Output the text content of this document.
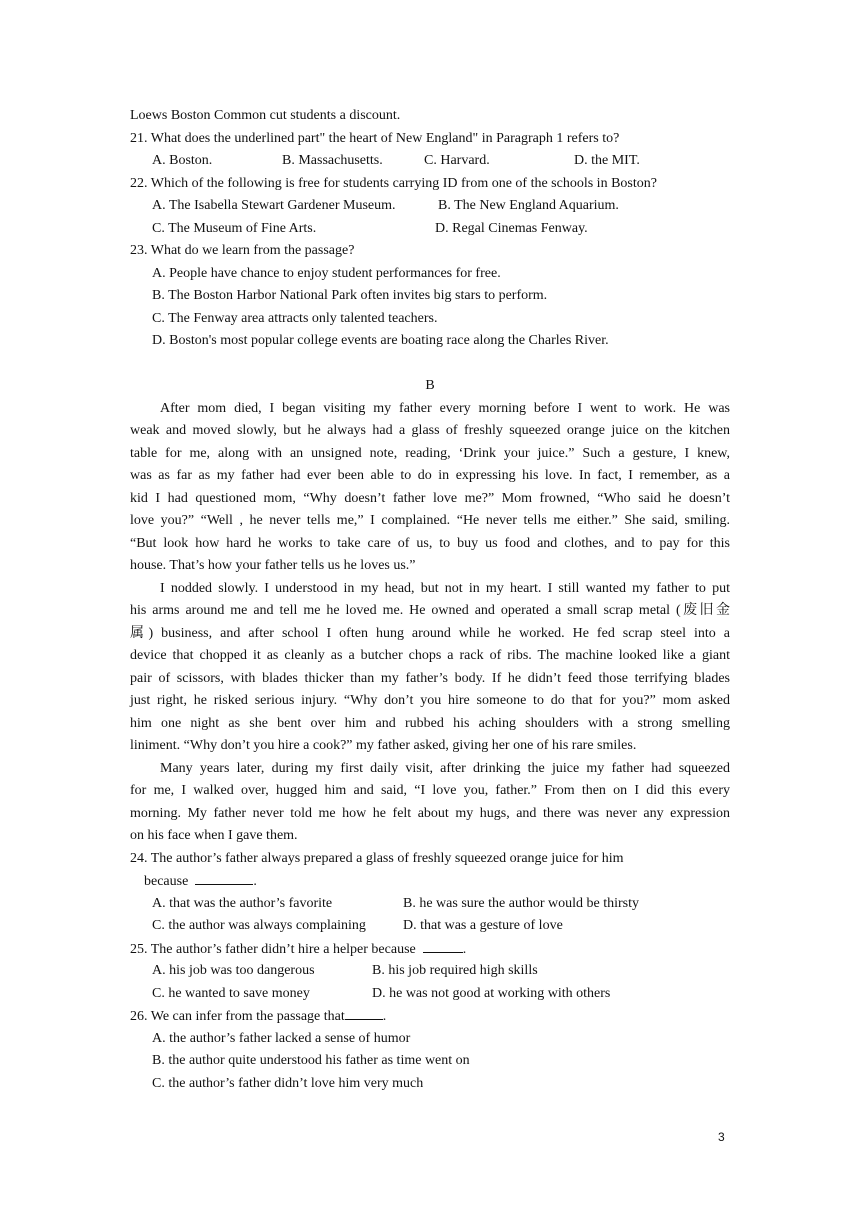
Loews Boston Common cut students a discount.
21. What does the underlined part" the heart of New England" in Paragraph 1 refers to?
A. Boston.	B. Massachusetts.	C. Harvard.	D. the MIT.
22. Which of the following is free for students carrying ID from one of the schools in Boston?
A. The Isabella Stewart Gardener Museum.	B. The New England Aquarium.
C. The Museum of Fine Arts.	D. Regal Cinemas Fenway.
23. What do we learn from the passage?
A. People have chance to enjoy student performances for free.
B. The Boston Harbor National Park often invites big stars to perform.
C. The Fenway area attracts only talented teachers.
D. Boston's most popular college events are boating race along the Charles River.
B
After mom died, I began visiting my father every morning before I went to work. He was
weak and moved slowly, but he always had a glass of freshly squeezed orange juice on the kitchen
table for me, along with an unsigned note, reading, ‘Drink your juice.” Such a gesture, I knew,
was as far as my father had ever been able to do in expressing his love. In fact, I remember, as a
kid I had questioned mom, “Why doesn’t father love me?” Mom frowned, “Who said he doesn’t
love you?” “Well , he never tells me,” I complained. “He never tells me either.” She said, smiling.
“But look how hard he works to take care of us, to buy us food and clothes, and to pay for this
house. That’s how your father tells us he loves us.”
I nodded slowly. I understood in my head, but not in my heart. I still wanted my father to put
his arms around me and tell me he loved me. He owned and operated a small scrap metal (废旧金
属) business, and after school I often hung around while he worked. He fed scrap steel into a
device that chopped it as cleanly as a butcher chops a rack of ribs. The machine looked like a giant
pair of scissors, with blades thicker than my father’s body. If he didn’t feed those terrifying blades
just right, he risked serious injury. “Why don’t you hire someone to do that for you?” mom asked
him one night as she bent over him and rubbed his aching shoulders with a strong smelling
liniment. “Why don’t you hire a cook?” my father asked, giving her one of his rare smiles.
Many years later, during my first daily visit, after drinking the juice my father had squeezed
for me, I walked over, hugged him and said, “I love you, father.” From then on I did this every
morning. My father never told me how he felt about my hugs, and there was never any expression
on his face when I gave them.
24. The author’s father always prepared a glass of freshly squeezed orange juice for him
because	.
A. that was the author’s favorite	B. he was sure the author would be thirsty
C. the author was always complaining	D. that was a gesture of love
25. The author’s father didn’t hire a helper because	.
A. his job was too dangerous	B. his job required high skills
C. he wanted to save money	D. he was not good at working with others
26. We can infer from the passage that	.
A. the author’s father lacked a sense of humor
B. the author quite understood his father as time went on
C. the author’s father didn’t love him very much
3
